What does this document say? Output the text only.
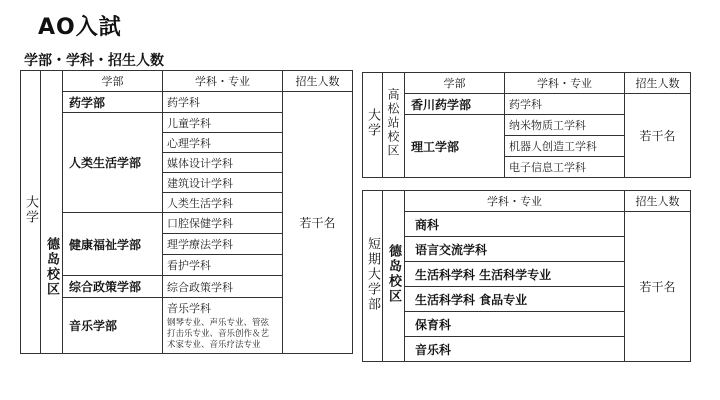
AO入試
学部・学科・招生人数
大学	德岛校区	学部	学科・专业	招生人数
		药学部	药学科	若干名
		人类生活学部	儿童学科	
			心理学科	
			媒体设计学科	
			建筑设计学科	
			人类生活学科	
		健康福祉学部	口腔保健学科	
			理学療法学科	
			看护学科	
		综合政策学部	综合政策学科	
		音乐学部	音乐学科
钢琴专业、声乐专业、管弦
打击乐专业、音乐创作＆艺
术家专业、音乐疗法专业	
大学	高松站校区	学部	学科・专业	招生人数
		香川药学部	药学科	若干名
		理工学部	纳米物质工学科	
			机器人创造工学科	
			电子信息工学科	
短期大学部	德岛校区	学科・专业	招生人数
		商科	若干名
		语言交流学科	
		生活科学科 生活科学专业	
		生活科学科 食品专业	
		保育科	
		音乐科	
